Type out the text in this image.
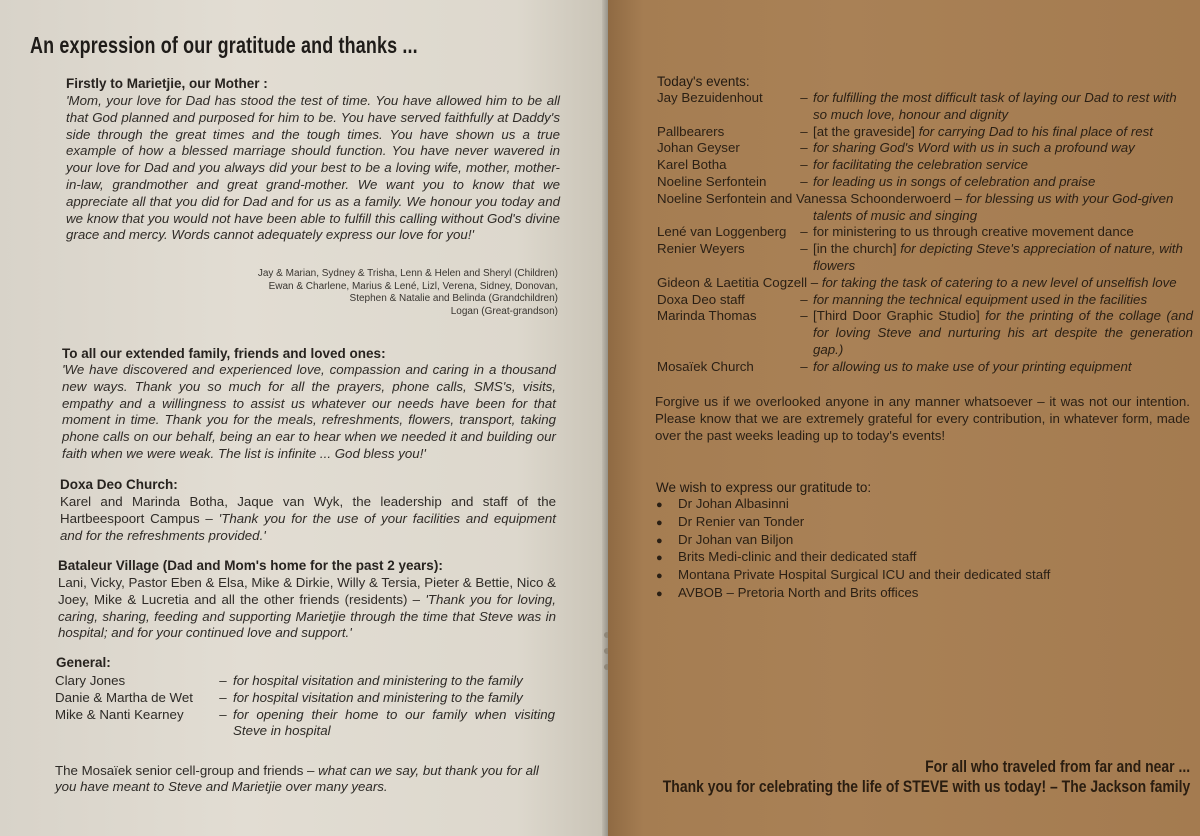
An expression of our gratitude and thanks ...
Firstly to Marietjie, our Mother :

'Mom, your love for Dad has stood the test of time. You have allowed him to be all that God planned and purposed for him to be. You have served faithfully at Daddy's side through the great times and the tough times. You have shown us a true example of how a blessed marriage should function. You have never wavered in your love for Dad and you always did your best to be a loving wife, mother, mother-in-law, grandmother and great grand-mother. We want you to know that we appreciate all that you did for Dad and for us as a family. We honour you today and we know that you would not have been able to fulfill this calling without God's divine grace and mercy. Words cannot adequately express our love for you!'

Jay & Marian, Sydney & Trisha, Lenn & Helen and Sheryl (Children)
Ewan & Charlene, Marius & Lené, Lizl, Verena, Sidney, Donovan,
Stephen & Natalie and Belinda (Grandchildren)
Logan (Great-grandson)
To all our extended family, friends and loved ones:

'We have discovered and experienced love, compassion and caring in a thousand new ways. Thank you so much for all the prayers, phone calls, SMS's, visits, empathy and a willingness to assist us whatever our needs have been for that moment in time. Thank you for the meals, refreshments, flowers, transport, taking phone calls on our behalf, being an ear to hear when we needed it and building our faith when we were weak. The list is infinite ... God bless you!'

Doxa Deo Church:

Karel and Marinda Botha, Jaque van Wyk, the leadership and staff of the Hartbeespoort Campus – 'Thank you for the use of your facilities and equipment and for the refreshments provided.'

Bataleur Village (Dad and Mom's home for the past 2 years):

Lani, Vicky, Pastor Eben & Elsa, Mike & Dirkie, Willy & Tersia, Pieter & Bettie, Nico & Joey, Mike & Lucretia and all the other friends (residents) – 'Thank you for loving, caring, sharing, feeding and supporting Marietjie through the time that Steve was in hospital; and for your continued love and support.'

General:
Clary Jones	–	for hospital visitation and ministering to the family
Danie & Martha de Wet	–	for hospital visitation and ministering to the family
Mike & Nanti Kearney	–	for opening their home to our family when visiting Steve in hospital

The Mosaïek senior cell-group and friends – what can we say, but thank you for all you have meant to Steve and Marietjie over many years.

Today's events:
Jay Bezuidenhout	–	for fulfilling the most difficult task of laying our Dad to rest with so much love, honour and dignity
Pallbearers	–	[at the graveside] for carrying Dad to his final place of rest
Johan Geyser	–	for sharing God's Word with us in such a profound way
Karel Botha	–	for facilitating the celebration service
Noeline Serfontein	–	for leading us in songs of celebration and praise
Noeline Serfontein and Vanessa Schoonderwoerd – for blessing us with your God-given		
		talents of music and singing
Lené van Loggenberg	–	for ministering to us through creative movement dance
Renier Weyers	–	[in the church] for depicting Steve's appreciation of nature, with flowers
Gideon & Laetitia Cogzell – for taking the task of catering to a new level of unselfish love		
Doxa Deo staff	–	for manning the technical equipment used in the facilities
Marinda Thomas	–	[Third Door Graphic Studio] for the printing of the collage (and for loving Steve and nurturing his art despite the generation gap.)
Mosaïek Church	–	for allowing us to make use of your printing equipment

Forgive us if we overlooked anyone in any manner whatsoever – it was not our intention. Please know that we are extremely grateful for every contribution, in whatever form, made over the past weeks leading up to today's events!

We wish to express our gratitude to:
● Dr Johan Albasinni
● Dr Renier van Tonder
● Dr Johan van Biljon
● Brits Medi-clinic and their dedicated staff
● Montana Private Hospital Surgical ICU and their dedicated staff
● AVBOB – Pretoria North and Brits offices
For all who traveled from far and near ...
Thank you for celebrating the life of STEVE with us today! – The Jackson family
